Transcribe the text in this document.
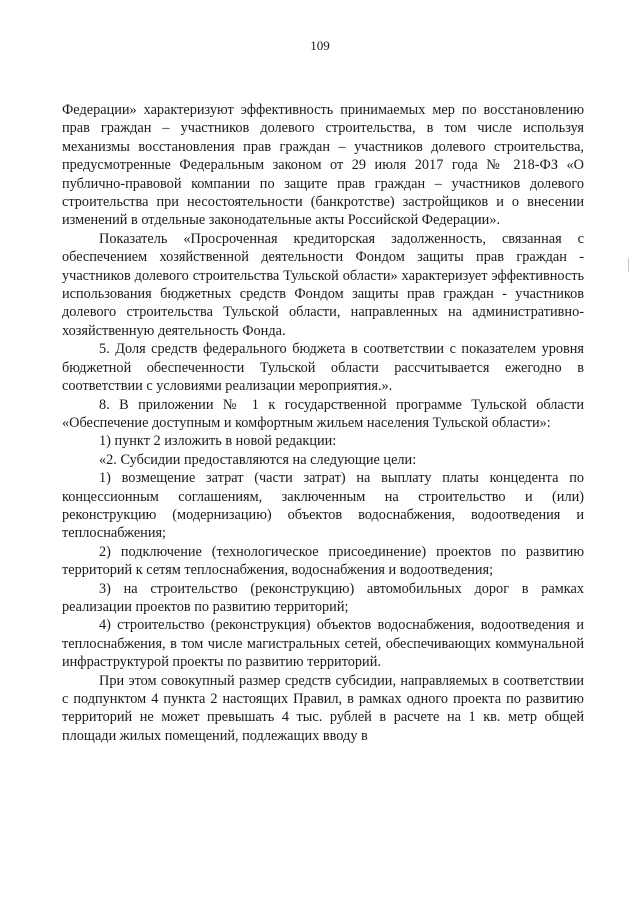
109

Федерации» характеризуют эффективность принимаемых мер по восстановлению прав граждан – участников долевого строительства, в том числе используя механизмы восстановления прав граждан – участников долевого строительства, предусмотренные Федеральным законом от 29 июля 2017 года № 218-ФЗ «О публично-правовой компании по защите прав граждан – участников долевого строительства при несостоятельности (банкротстве) застройщиков и о внесении изменений в отдельные законодательные акты Российской Федерации».

Показатель «Просроченная кредиторская задолженность, связанная с обеспечением хозяйственной деятельности Фондом защиты прав граждан - участников долевого строительства Тульской области» характеризует эффективность использования бюджетных средств Фондом защиты прав граждан - участников долевого строительства Тульской области, направленных на административно-хозяйственную деятельность Фонда.

5. Доля средств федерального бюджета в соответствии с показателем уровня бюджетной обеспеченности Тульской области рассчитывается ежегодно в соответствии с условиями реализации мероприятия.».

8. В приложении № 1 к государственной программе Тульской области «Обеспечение доступным и комфортным жильем населения Тульской области»:

1) пункт 2 изложить в новой редакции:

«2. Субсидии предоставляются на следующие цели:

1) возмещение затрат (части затрат) на выплату платы концедента по концессионным соглашениям, заключенным на строительство и (или) реконструкцию (модернизацию) объектов водоснабжения, водоотведения и теплоснабжения;

2) подключение (технологическое присоединение) проектов по развитию территорий к сетям теплоснабжения, водоснабжения и водоотведения;

3) на строительство (реконструкцию) автомобильных дорог в рамках реализации проектов по развитию территорий;

4) строительство (реконструкция) объектов водоснабжения, водоотведения и теплоснабжения, в том числе магистральных сетей, обеспечивающих коммунальной инфраструктурой проекты по развитию территорий.

При этом совокупный размер средств субсидии, направляемых в соответствии с подпунктом 4 пункта 2 настоящих Правил, в рамках одного проекта по развитию территорий не может превышать 4 тыс. рублей в расчете на 1 кв. метр общей площади жилых помещений, подлежащих вводу в
